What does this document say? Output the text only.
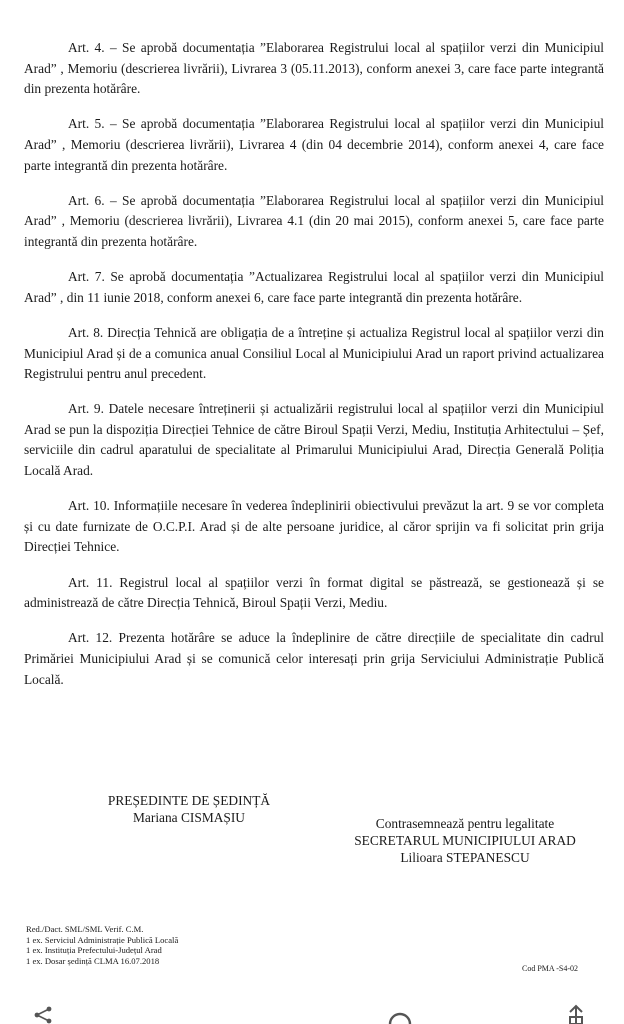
Art. 4. – Se aprobă documentația ”Elaborarea Registrului local al spațiilor verzi din Municipiul Arad” , Memoriu (descrierea livrării), Livrarea 3 (05.11.2013), conform anexei 3, care face parte integrantă din prezenta hotărâre.

Art. 5. – Se aprobă documentația ”Elaborarea Registrului local al spațiilor verzi din Municipiul Arad” , Memoriu (descrierea livrării), Livrarea 4 (din 04 decembrie 2014), conform anexei 4, care face parte integrantă din prezenta hotărâre.

Art. 6. – Se aprobă documentația ”Elaborarea Registrului local al spațiilor verzi din Municipiul Arad” , Memoriu (descrierea livrării), Livrarea 4.1 (din 20 mai 2015), conform anexei 5, care face parte integrantă din prezenta hotărâre.

Art. 7. Se aprobă documentația ”Actualizarea Registrului local al spațiilor verzi din Municipiul Arad” , din 11 iunie 2018, conform anexei 6, care face parte integrantă din prezenta hotărâre.

Art. 8. Direcția Tehnică are obligația de a întreține și actualiza Registrul local al spațiilor verzi din Municipiul Arad și de a comunica anual Consiliul Local al Municipiului Arad un raport privind actualizarea Registrului pentru anul precedent.

Art. 9. Datele necesare întreținerii și actualizării registrului local al spațiilor verzi din Municipiul Arad se pun la dispoziția Direcției Tehnice de către Biroul Spații Verzi, Mediu, Instituția Arhitectului – Șef, serviciile din cadrul aparatului de specialitate al Primarului Municipiului Arad, Direcția Generală Poliția Locală Arad.

Art. 10. Informațiile necesare în vederea îndeplinirii obiectivului prevăzut la art. 9 se vor completa și cu date furnizate de O.C.P.I. Arad și de alte persoane juridice, al căror sprijin va fi solicitat prin grija Direcției Tehnice.

Art. 11. Registrul local al spațiilor verzi în format digital se păstrează, se gestionează și se administrează de către Direcția Tehnică, Biroul Spații Verzi, Mediu.

Art. 12. Prezenta hotărâre se aduce la îndeplinire de către direcțiile de specialitate din cadrul Primăriei Municipiului Arad și se comunică celor interesați prin grija Serviciului Administrație Publică Locală.

PREȘEDINTE DE ȘEDINȚĂ
Mariana CISMAȘIU	Contrasemnează pentru legalitate
SECRETARUL MUNICIPIULUI ARAD
Lilioara STEPANESCU
Red./Dact. SML/SML Verif. C.M.
1 ex. Serviciul Administrație Publică Locală
1 ex. Instituția Prefectului-Județul Arad
1 ex. Dosar ședință CLMA 16.07.2018
Cod PMA -S4-02
